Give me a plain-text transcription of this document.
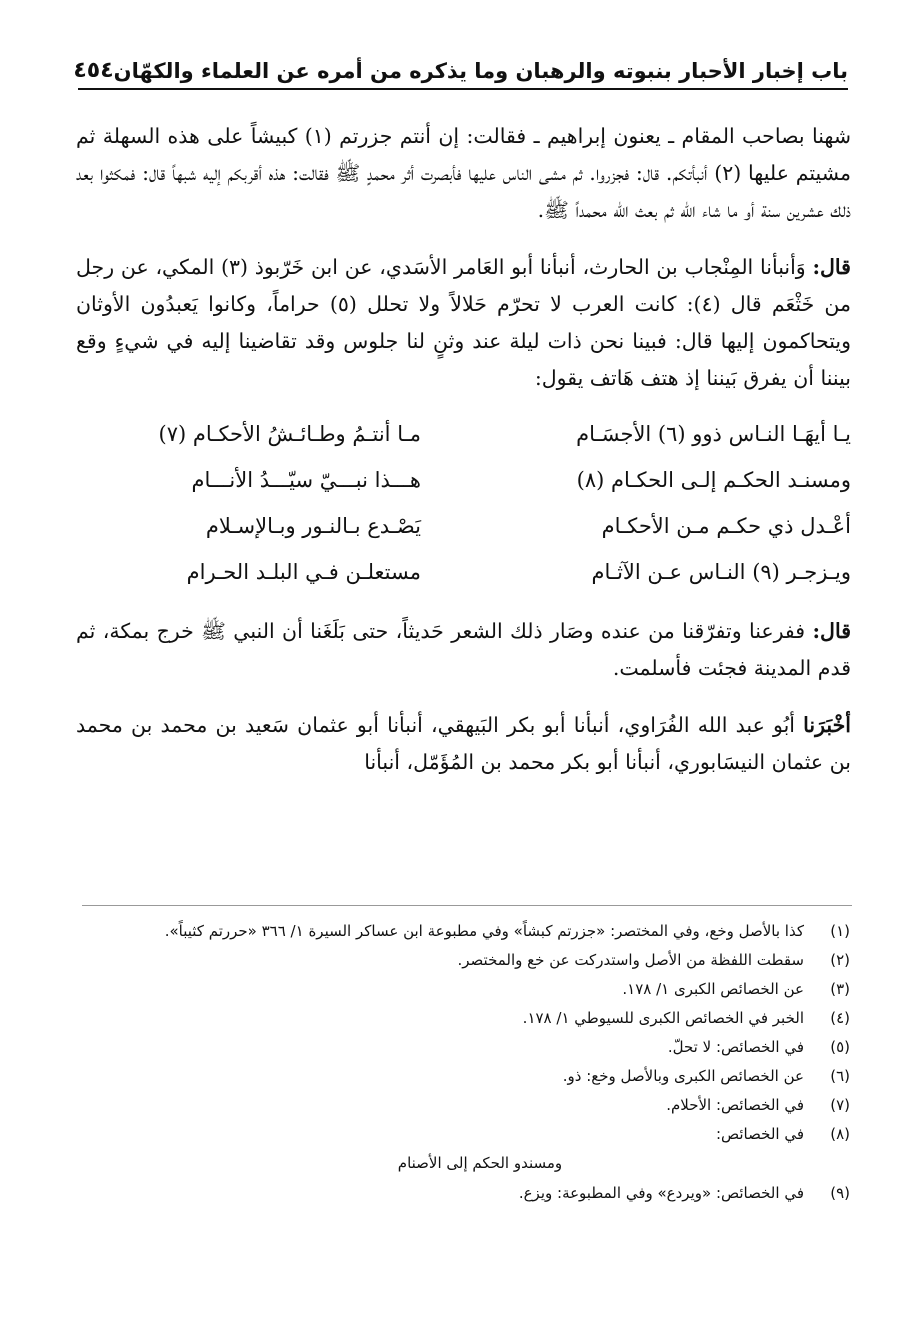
باب إخبار الأحبار بنبوته والرهبان وما يذكره من أمره عن العلماء والكهّان
٤٥٤

شهنا بصاحب المقام ـ يعنون إبراهيم ـ فقالت: إن أنتم جزرتم (١) كبيشاً على هذه السهلة ثم مشيتم عليها (٢) أنبأتكم. قال: فجزروا. ثم مشى الناس عليها فأبصرت أثر محمدٍ ﷺ فقالت: هذه أقربكم إليه شبهاً قال: فمكثوا بعد ذلك عشرين سنة أو ما شاء الله ثم بعث الله محمداً ﷺ.

قال: وَأنبأنا المِنْجاب بن الحارث، أنبأنا أبو العَامر الأسَدي، عن ابن خَرّبوذ (٣) المكي، عن رجل من خَثْعَم قال (٤): كانت العرب لا تحرّم حَلالاً ولا تحلل (٥) حراماً، وكانوا يَعبدُون الأوثان ويتحاكمون إليها قال: فبينا نحن ذات ليلة عند وثنٍ لنا جلوس وقد تقاضينا إليه في شيءٍ وقع بيننا أن يفرق بَيننا إذ هتف هَاتف يقول:

يـا أيهَـا النـاس ذوو (٦) الأجسَـام
مـا أنتـمُ وطـائـشُ الأحكـام (٧)
ومسنـد الحكـم إلـى الحكـام (٨)
هـــذا نبـــيّ سيّـــدُ الأنـــام
أعْـدل ذي حكـم مـن الأحكـام
يَصْـدع بـالنـور وبـالإسـلام
ويـزجـر (٩) النـاس عـن الآثـام
مستعلـن فـي البلـد الحـرام

قال: ففرعنا وتفرّقنا من عنده وصَار ذلك الشعر حَديثاً، حتى بَلَغَنا أن النبي ﷺ خرج بمكة، ثم قدم المدينة فجئت فأسلمت.

أخْبَرَنا أبُو عبد الله الفُرَاوي، أنبأنا أبو بكر البَيهقي، أنبأنا أبو عثمان سَعيد بن محمد بن محمد بن عثمان النيسَابوري، أنبأنا أبو بكر محمد بن المُؤَمّل، أنبأنا

(١)
كذا بالأصل وخع، وفي المختصر: «جزرتم كبشاً» وفي مطبوعة ابن عساكر السيرة ١/ ٣٦٦ «حررتم كثيباً».
(٢)
سقطت اللفظة من الأصل واستدركت عن خع والمختصر.
(٣)
عن الخصائص الكبرى ١/ ١٧٨.
(٤)
الخبر في الخصائص الكبرى للسيوطي ١/ ١٧٨.
(٥)
في الخصائص: لا تحلّ.
(٦)
عن الخصائص الكبرى وبالأصل وخع: ذو.
(٧)
في الخصائص: الأحلام.
(٨)
في الخصائص:
ومسندو الحكم إلى الأصنام
(٩)
في الخصائص: «ويردع» وفي المطبوعة: ويزع.
